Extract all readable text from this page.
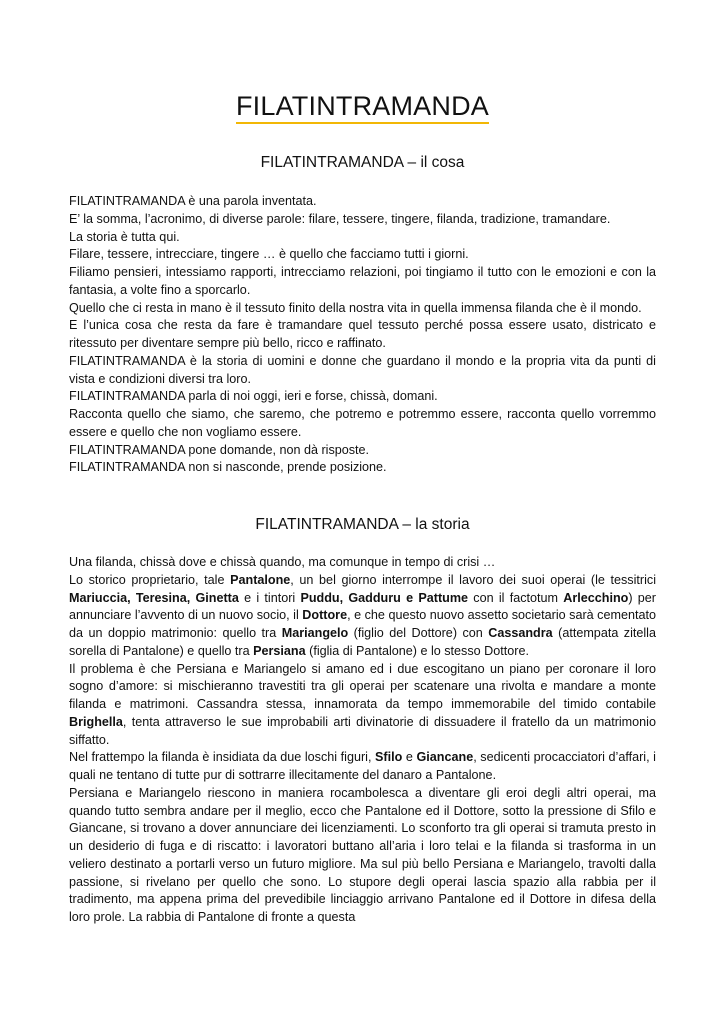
FILATINTRAMANDA
FILATINTRAMANDA – il cosa

FILATINTRAMANDA è una parola inventata.

E’ la somma, l’acronimo, di diverse parole: filare, tessere, tingere, filanda, tradizione, tramandare.

La storia è tutta qui.

Filare, tessere, intrecciare, tingere … è quello che facciamo tutti i giorni.

Filiamo pensieri, intessiamo rapporti, intrecciamo relazioni, poi tingiamo il tutto con le emozioni e con la fantasia, a volte fino a sporcarlo.

Quello che ci resta in mano è il tessuto finito della nostra vita in quella immensa filanda che è il mondo.

E l’unica cosa che resta da fare è tramandare quel tessuto perché possa essere usato, districato e ritessuto per diventare sempre più bello, ricco e raffinato.

FILATINTRAMANDA è la storia di uomini e donne che guardano il mondo e la propria vita da punti di vista e condizioni diversi tra loro.

FILATINTRAMANDA parla di noi oggi, ieri e forse, chissà, domani.

Racconta quello che siamo, che saremo, che potremo e potremmo essere, racconta quello vorremmo essere e quello che non vogliamo essere.

FILATINTRAMANDA pone domande, non dà risposte.

FILATINTRAMANDA non si nasconde, prende posizione.

FILATINTRAMANDA – la storia

Una filanda, chissà dove e chissà quando, ma comunque in tempo di crisi …

Lo storico proprietario, tale Pantalone, un bel giorno interrompe il lavoro dei suoi operai (le tessitrici Mariuccia, Teresina, Ginetta e i tintori Puddu, Gadduru e Pattume con il factotum Arlecchino) per annunciare l’avvento di un nuovo socio, il Dottore, e che questo nuovo assetto societario sarà cementato da un doppio matrimonio: quello tra Mariangelo (figlio del Dottore) con Cassandra (attempata zitella sorella di Pantalone) e quello tra Persiana (figlia di Pantalone) e lo stesso Dottore.

Il problema è che Persiana e Mariangelo si amano ed i due escogitano un piano per coronare il loro sogno d’amore: si mischieranno travestiti tra gli operai per scatenare una rivolta e mandare a monte filanda e matrimoni. Cassandra stessa, innamorata da tempo immemorabile del timido contabile Brighella, tenta attraverso le sue improbabili arti divinatorie di dissuadere il fratello da un matrimonio siffatto.

Nel frattempo la filanda è insidiata da due loschi figuri, Sfilo e Giancane, sedicenti procacciatori d’affari, i quali ne tentano di tutte pur di sottrarre illecitamente del danaro a Pantalone.

Persiana e Mariangelo riescono in maniera rocambolesca a diventare gli eroi degli altri operai, ma quando tutto sembra andare per il meglio, ecco che Pantalone ed il Dottore, sotto la pressione di Sfilo e Giancane, si trovano a dover annunciare dei licenziamenti. Lo sconforto tra gli operai si tramuta presto in un desiderio di fuga e di riscatto: i lavoratori buttano all’aria i loro telai e la filanda si trasforma in un veliero destinato a portarli verso un futuro migliore. Ma sul più bello Persiana e Mariangelo, travolti dalla passione, si rivelano per quello che sono. Lo stupore degli operai lascia spazio alla rabbia per il tradimento, ma appena prima del prevedibile linciaggio arrivano Pantalone ed il Dottore in difesa della loro prole. La rabbia di Pantalone di fronte a questa
